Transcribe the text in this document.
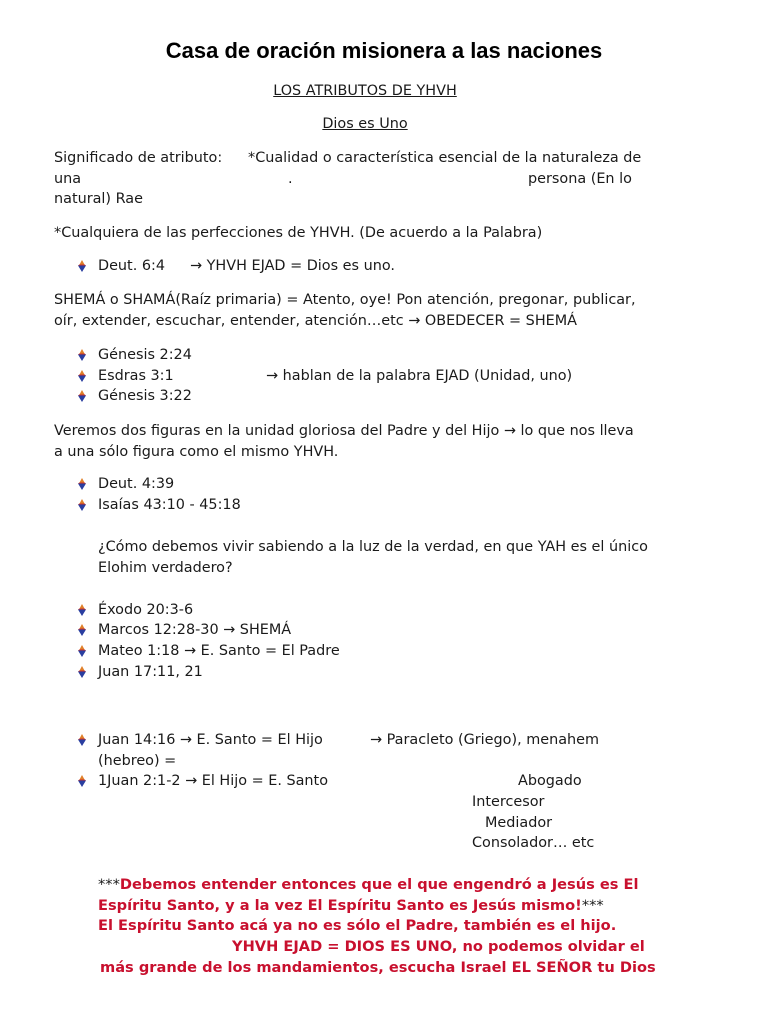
Casa de oración misionera a las naciones
LOS ATRIBUTOS DE YHVH
Dios es Uno
Significado de atributo: *Cualidad o característica esencial de la naturaleza de
una	.	persona (En lo
natural) Rae
*Cualquiera de las perfecciones de YHVH. (De acuerdo a la Palabra)
Deut. 6:4 → YHVH EJAD = Dios es uno.
SHEMÁ o SHAMÁ(Raíz primaria) = Atento, oye! Pon atención, pregonar, publicar,
oír, extender, escuchar, entender, atención…etc → OBEDECER = SHEMÁ
Génesis 2:24
Esdras 3:1	→ hablan de la palabra EJAD (Unidad, uno)
Génesis 3:22
Veremos dos figuras en la unidad gloriosa del Padre y del Hijo → lo que nos lleva
a una sólo figura como el mismo YHVH.
Deut. 4:39
Isaías 43:10 - 45:18
¿Cómo debemos vivir sabiendo a la luz de la verdad, en que YAH es el único
Elohim verdadero?
Éxodo 20:3-6
Marcos 12:28-30 → SHEMÁ
Mateo 1:18 → E. Santo = El Padre
Juan 17:11, 21
Juan 14:16 → E. Santo = El Hijo	→ Paracleto (Griego), menahem
(hebreo) =
1Juan 2:1-2 → El Hijo = E. Santo	Abogado
Intercesor
Mediador
Consolador… etc
***Debemos entender entonces que el que engendró a Jesús es El
Espíritu Santo, y a la vez El Espíritu Santo es Jesús mismo!***
El Espíritu Santo acá ya no es sólo el Padre, también es el hijo.
YHVH EJAD = DIOS ES UNO, no podemos olvidar el
más grande de los mandamientos, escucha Israel EL SEÑOR tu Dios
